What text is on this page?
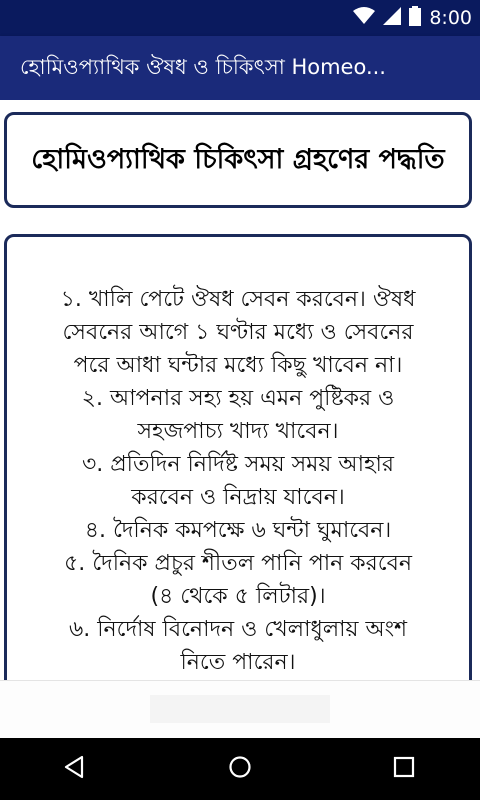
8:00
হোমিওপ্যাথিক ঔষধ ও চিকিৎসা Homeo...
হোমিওপ্যাথিক চিকিৎসা গ্রহণের পদ্ধতি
১. খালি পেটে ঔষধ সেবন করবেন। ঔষধ
সেবনের আগে ১ ঘণ্টার মধ্যে ও সেবনের
পরে আধা ঘন্টার মধ্যে কিছু খাবেন না।
২. আপনার সহ্য হয় এমন পুষ্টিকর ও
সহজপাচ্য খাদ্য খাবেন।
৩. প্রতিদিন নির্দিষ্ট সময় সময় আহার
করবেন ও নিদ্রায় যাবেন।
৪. দৈনিক কমপক্ষে ৬ ঘন্টা ঘুমাবেন।
৫. দৈনিক প্রচুর শীতল পানি পান করবেন
(৪ থেকে ৫ লিটার)।
৬. নির্দোষ বিনোদন ও খেলাধুলায় অংশ
নিতে পারেন।
